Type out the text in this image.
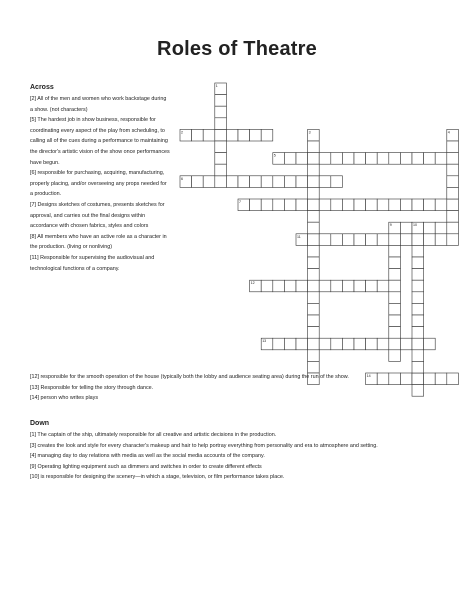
Roles of Theatre
2
5
6
7
9
11
12
13
14
1
3	4
10
Across

[2] All of the men and women who work backstage during a show. (not characters)

[5] The hardest job in show business, responsible for coordinating every aspect of the play from scheduling, to calling all of the cues during a performance to maintaining the director's artistic vision of the show once performances have begun.

[6] responsible for purchasing, acquiring, manufacturing, properly placing, and/or overseeing any props needed for a production.

[7] Designs sketches of costumes, presents sketches for approval, and carries out the final designs within accordance with chosen fabrics, styles and colors

[8] All members who have an active role as a character in the production. (living or nonliving)

[11] Responsible for supervising the audiovisual and technological functions of a company.

[12] responsible for the smooth operation of the house (typically both the lobby and audience seating area) during the run of the show.

[13] Responsible for telling the story through dance.

[14] person who writes plays

Down

[1] The captain of the ship, ultimately responsible for all creative and artistic decisions in the production.

[3] creates the look and style for every character's makeup and hair to help portray everything from personality and era to atmosphere and setting.

[4] managing day to day relations with media as well as the social media accounts of the company.

[9] Operating lighting equipment such as dimmers and switches in order to create different effects

[10] is responsible for designing the scenery—in which a stage, television, or film performance takes place.
